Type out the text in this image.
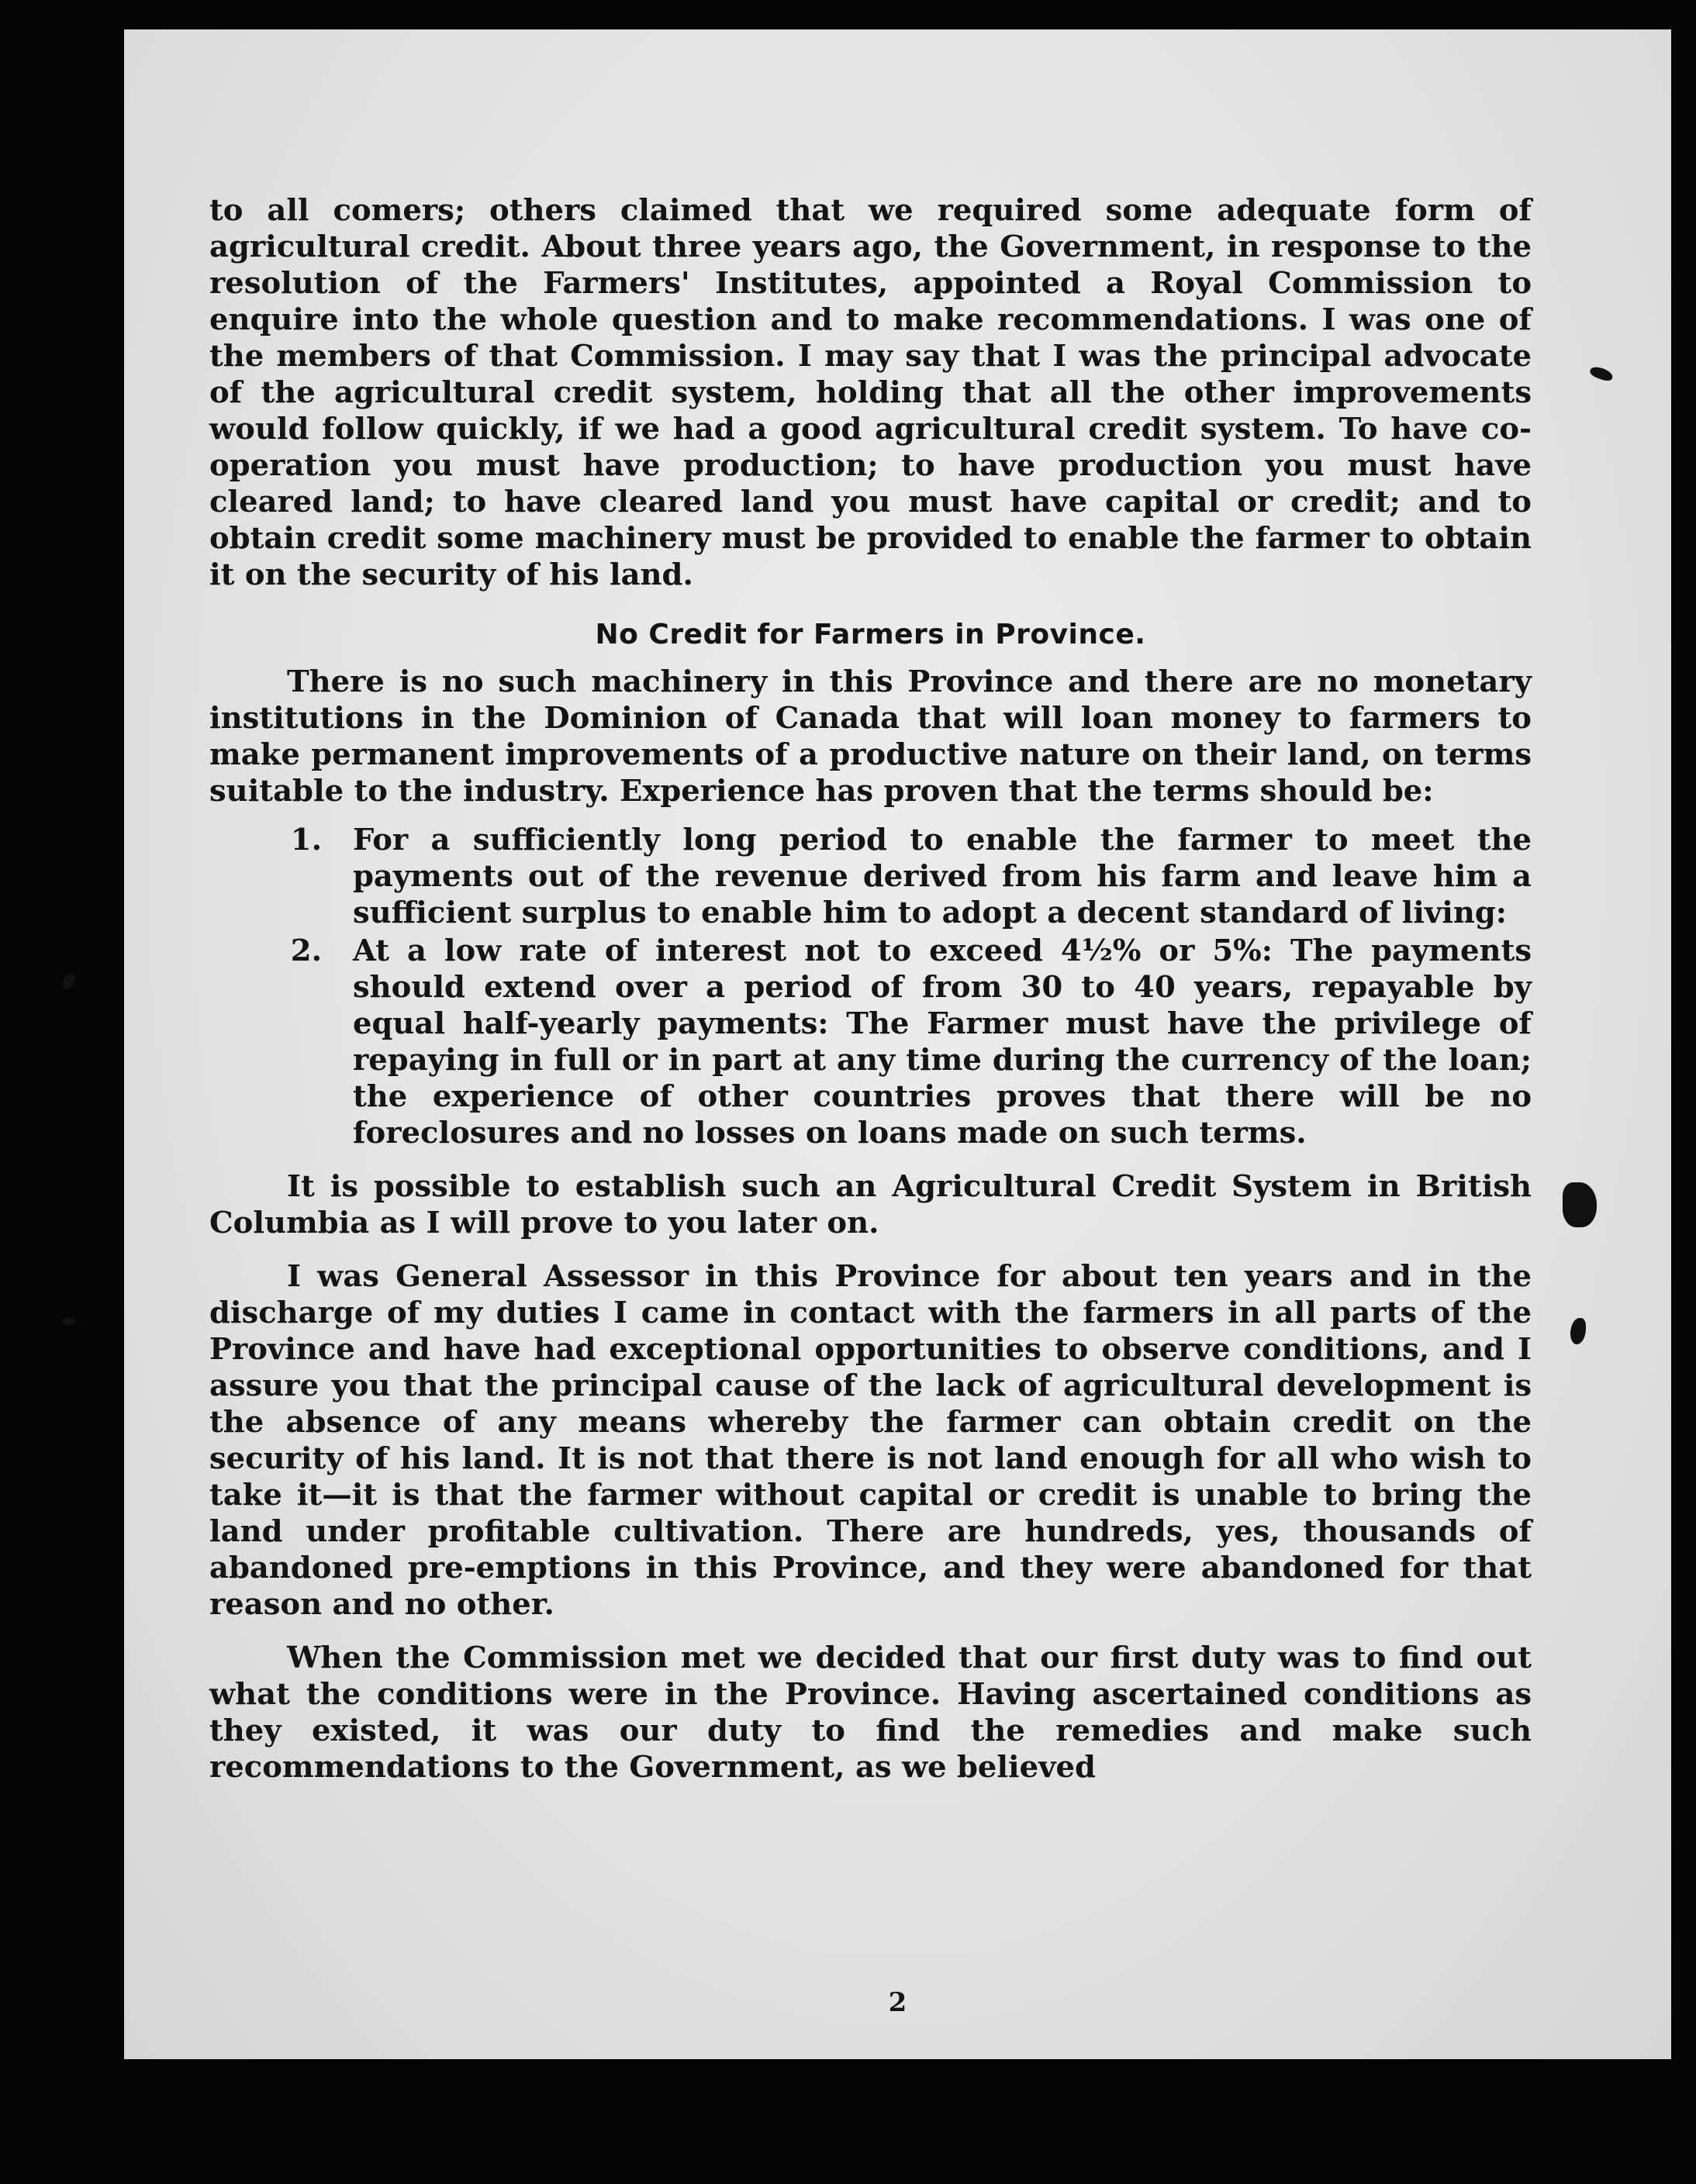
to all comers; others claimed that we required some adequate form of agricultural credit. About three years ago, the Government, in response to the resolution of the Farmers' Institutes, appointed a Royal Commission to enquire into the whole question and to make recommendations. I was one of the members of that Commission. I may say that I was the principal advocate of the agricultural credit system, holding that all the other improvements would follow quickly, if we had a good agricultural credit system. To have co-operation you must have production; to have production you must have cleared land; to have cleared land you must have capital or credit; and to obtain credit some machinery must be provided to enable the farmer to obtain it on the security of his land.

No Credit for Farmers in Province.

There is no such machinery in this Province and there are no monetary institutions in the Dominion of Canada that will loan money to farmers to make permanent improvements of a productive nature on their land, on terms suitable to the industry. Experience has proven that the terms should be:

1.	For a sufficiently long period to enable the farmer to meet the payments out of the revenue derived from his farm and leave him a sufficient surplus to enable him to adopt a decent standard of living:
2.	At a low rate of interest not to exceed 4½% or 5%: The payments should extend over a period of from 30 to 40 years, repayable by equal half-yearly payments: The Farmer must have the privilege of repaying in full or in part at any time during the currency of the loan; the experience of other countries proves that there will be no foreclosures and no losses on loans made on such terms.

It is possible to establish such an Agricultural Credit System in British Columbia as I will prove to you later on.

I was General Assessor in this Province for about ten years and in the discharge of my duties I came in contact with the farmers in all parts of the Province and have had exceptional opportunities to observe conditions, and I assure you that the principal cause of the lack of agricultural development is the absence of any means whereby the farmer can obtain credit on the security of his land. It is not that there is not land enough for all who wish to take it—it is that the farmer without capital or credit is unable to bring the land under profitable cultivation. There are hundreds, yes, thousands of abandoned pre-emptions in this Province, and they were abandoned for that reason and no other.

When the Commission met we decided that our first duty was to find out what the conditions were in the Province. Having ascertained conditions as they existed, it was our duty to find the remedies and make such recommendations to the Government, as we believed

2
